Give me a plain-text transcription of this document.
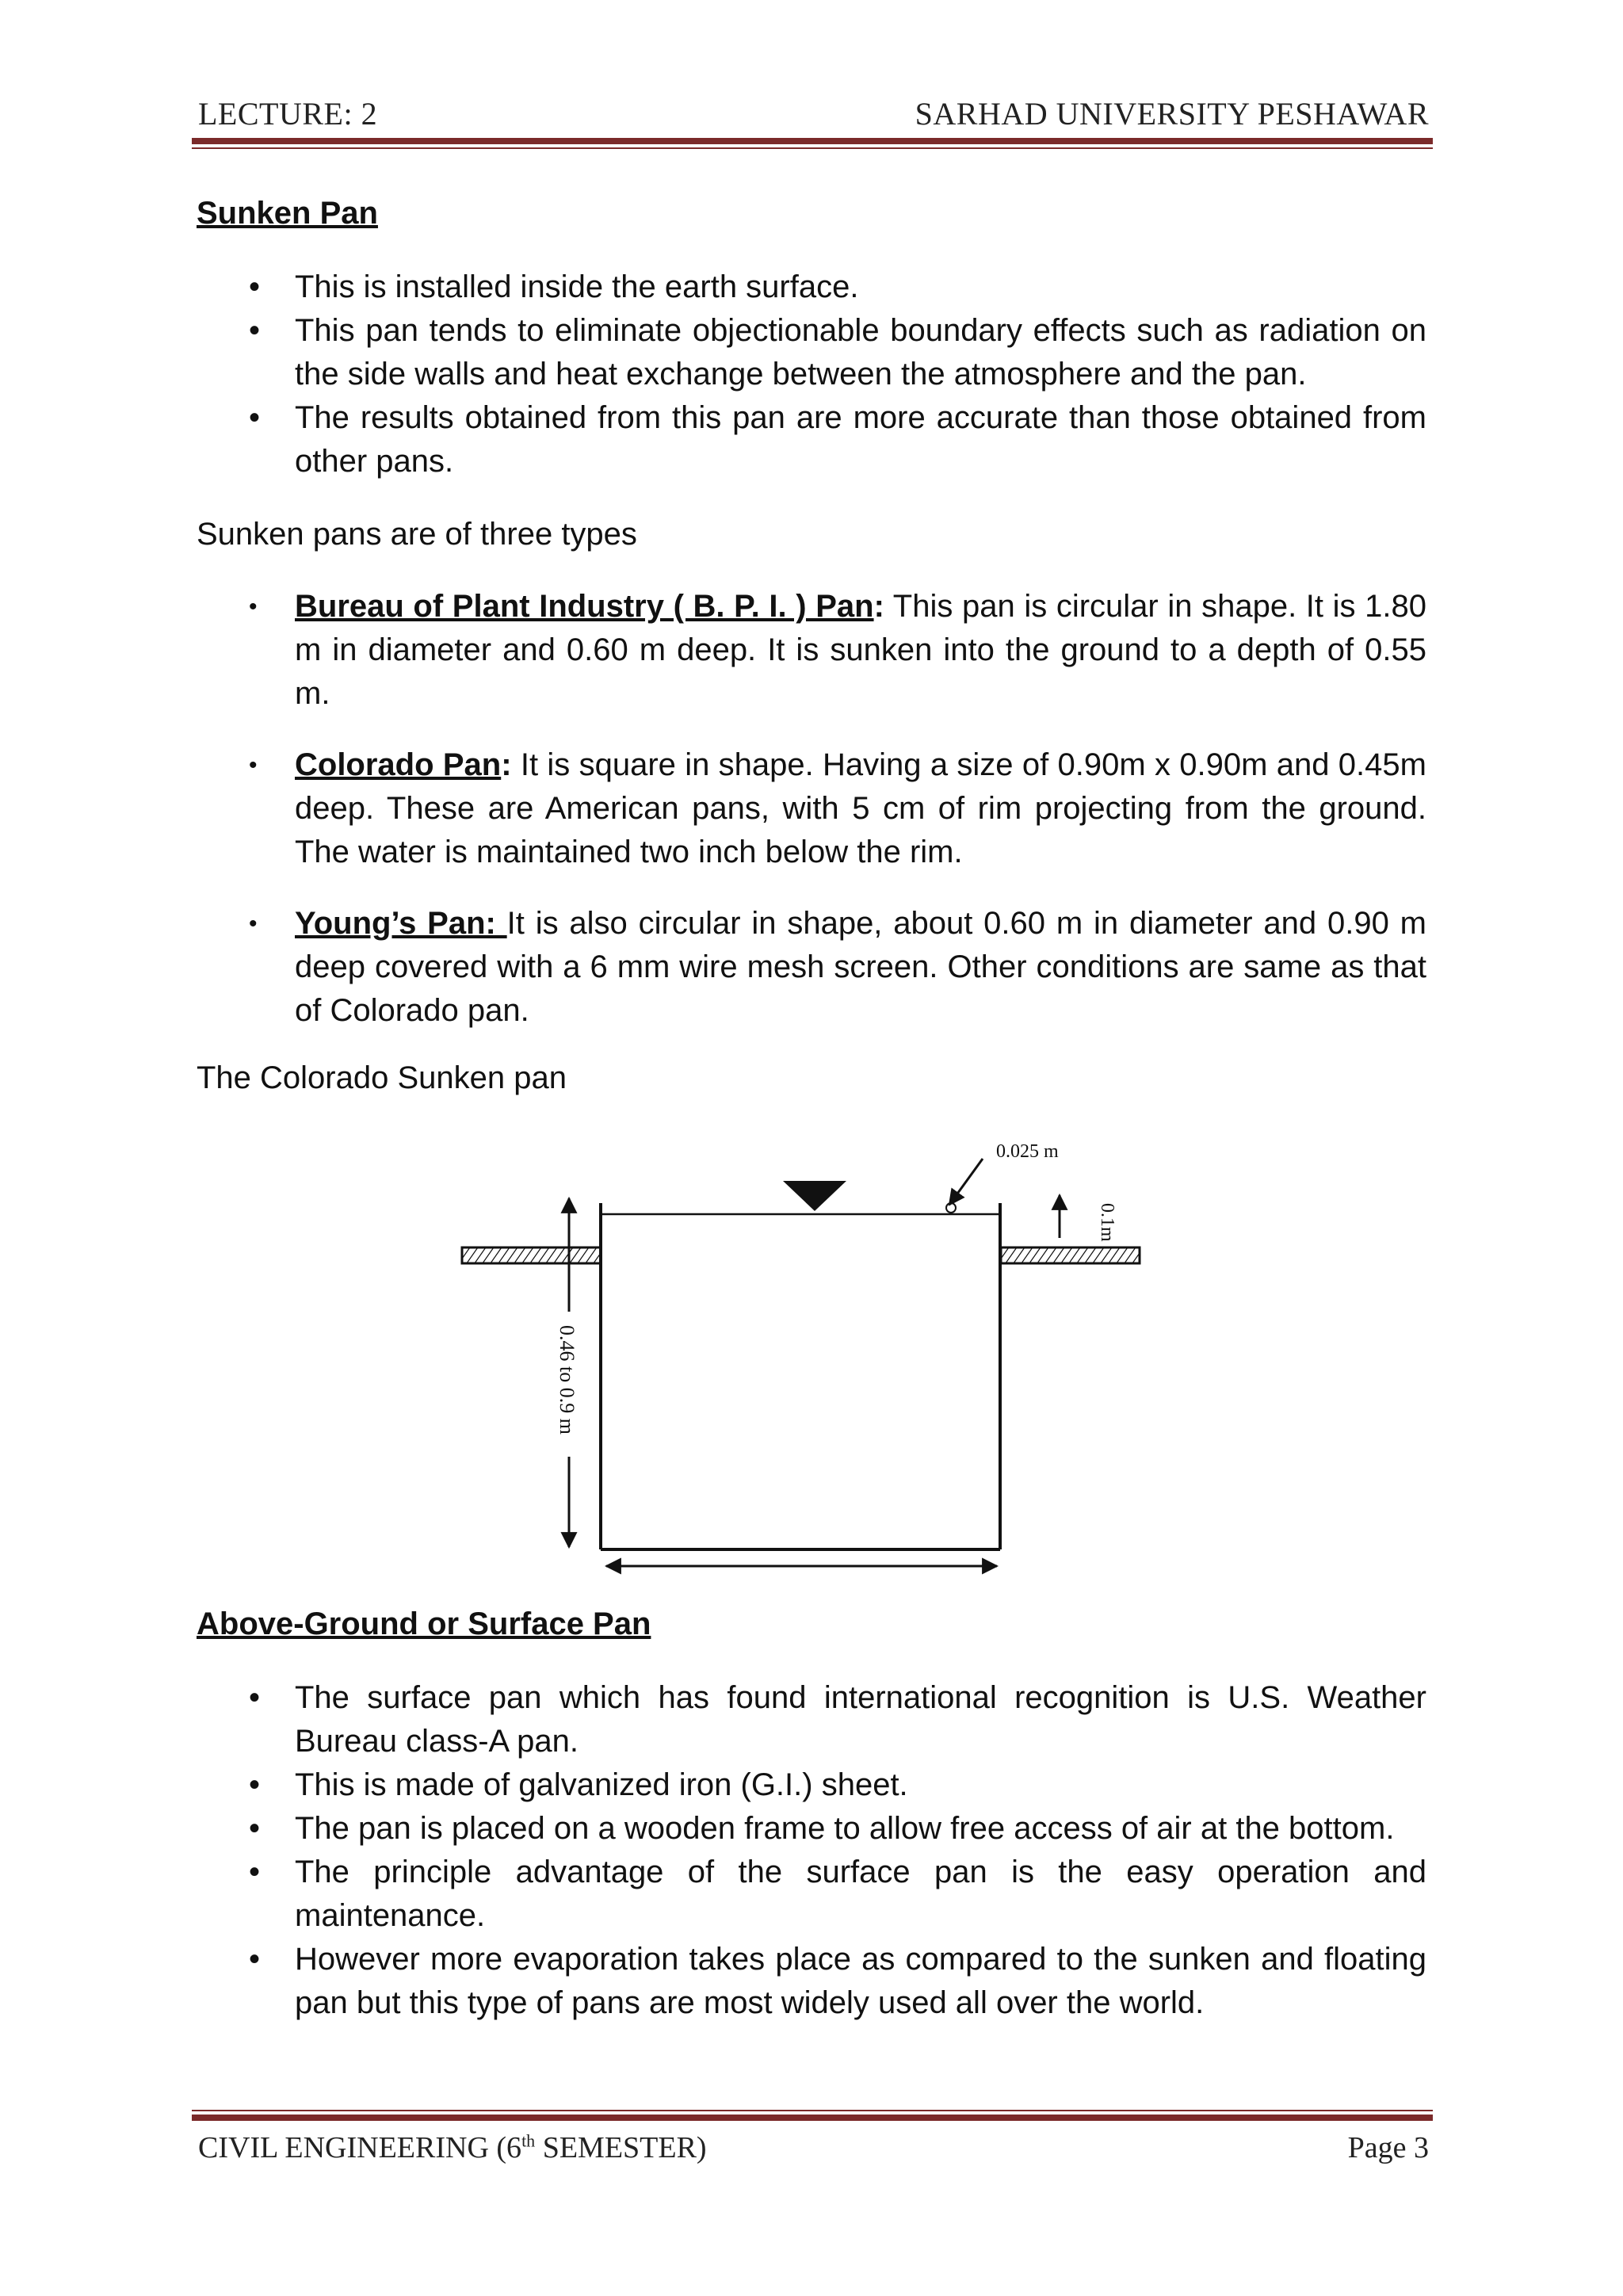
LECTURE: 2	SARHAD UNIVERSITY PESHAWAR
Sunken Pan
• This is installed inside the earth surface.
• This pan tends to eliminate objectionable boundary effects such as radiation on the side walls and heat exchange between the atmosphere and the pan.
• The results obtained from this pan are more accurate than those obtained from other pans.
Sunken pans are of three types
• Bureau of Plant Industry ( B. P. I. ) Pan: This pan is circular in shape. It is 1.80 m in diameter and 0.60 m deep. It is sunken into the ground to a depth of 0.55 m.
• Colorado Pan: It is square in shape. Having a size of 0.90m x 0.90m and 0.45m deep. These are American pans, with 5 cm of rim projecting from the ground. The water is maintained two inch below the rim.
• Young’s Pan: It is also circular in shape, about 0.60 m in diameter and 0.90 m deep covered with a 6 mm wire mesh screen. Other conditions are same as that of Colorado pan.
The Colorado Sunken pan
0.025 m
0.1m
0.46 to 0.9 m
Above-Ground or Surface Pan
• The surface pan which has found international recognition is U.S. Weather Bureau class-A pan.
• This is made of galvanized iron (G.I.) sheet.
• The pan is placed on a wooden frame to allow free access of air at the bottom.
• The principle advantage of the surface pan is the easy operation and maintenance.
• However more evaporation takes place as compared to the sunken and floating pan but this type of pans are most widely used all over the world.
CIVIL ENGINEERING (6th SEMESTER)	Page 3
